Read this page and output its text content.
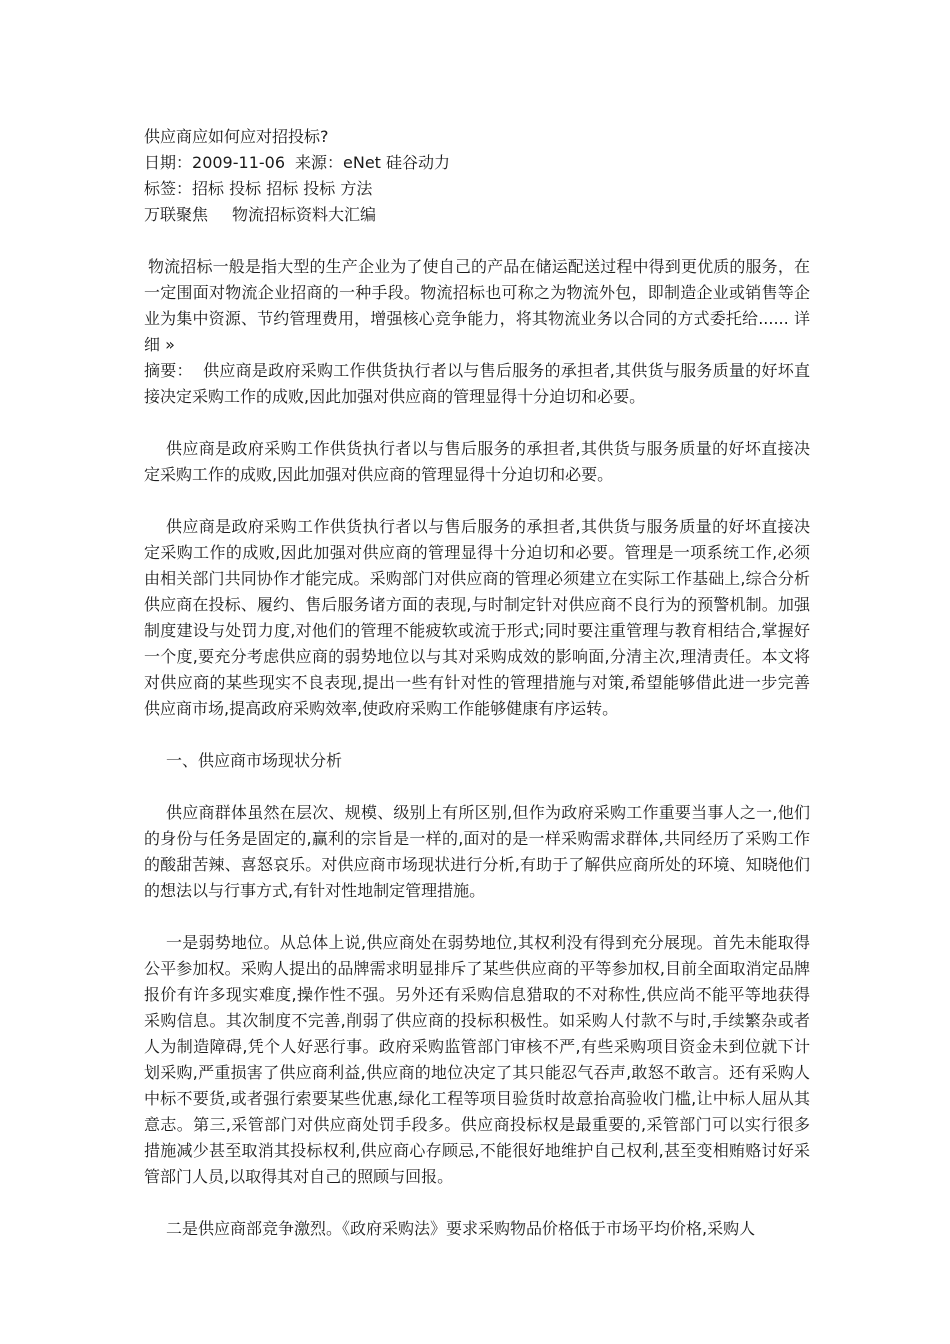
供应商应如何应对招投标?

日期：2009-11-06 来源：eNet 硅谷动力

标签：招标 投标 招标 投标 方法

万联聚焦 物流招标资料大汇编

物流招标一般是指大型的生产企业为了使自己的产品在储运配送过程中得到更优质的服务，在一定围面对物流企业招商的一种手段。物流招标也可称之为物流外包，即制造企业或销售等企业为集中资源、节约管理费用，增强核心竞争能力，将其物流业务以合同的方式委托给...... 详细 »

摘要： 供应商是政府采购工作供货执行者以与售后服务的承担者,其供货与服务质量的好坏直接决定采购工作的成败,因此加强对供应商的管理显得十分迫切和必要。

供应商是政府采购工作供货执行者以与售后服务的承担者,其供货与服务质量的好坏直接决定采购工作的成败,因此加强对供应商的管理显得十分迫切和必要。

供应商是政府采购工作供货执行者以与售后服务的承担者,其供货与服务质量的好坏直接决定采购工作的成败,因此加强对供应商的管理显得十分迫切和必要。管理是一项系统工作,必须由相关部门共同协作才能完成。采购部门对供应商的管理必须建立在实际工作基础上,综合分析供应商在投标、履约、售后服务诸方面的表现,与时制定针对供应商不良行为的预警机制。加强制度建设与处罚力度,对他们的管理不能疲软或流于形式;同时要注重管理与教育相结合,掌握好一个度,要充分考虑供应商的弱势地位以与其对采购成效的影响面,分清主次,理清责任。本文将对供应商的某些现实不良表现,提出一些有针对性的管理措施与对策,希望能够借此进一步完善供应商市场,提高政府采购效率,使政府采购工作能够健康有序运转。

一、供应商市场现状分析

供应商群体虽然在层次、规模、级别上有所区别,但作为政府采购工作重要当事人之一,他们的身份与任务是固定的,赢利的宗旨是一样的,面对的是一样采购需求群体,共同经历了采购工作的酸甜苦辣、喜怒哀乐。对供应商市场现状进行分析,有助于了解供应商所处的环境、知晓他们的想法以与行事方式,有针对性地制定管理措施。

一是弱势地位。从总体上说,供应商处在弱势地位,其权利没有得到充分展现。首先未能取得公平参加权。采购人提出的品牌需求明显排斥了某些供应商的平等参加权,目前全面取消定品牌报价有许多现实难度,操作性不强。另外还有采购信息猎取的不对称性,供应尚不能平等地获得采购信息。其次制度不完善,削弱了供应商的投标积极性。如采购人付款不与时,手续繁杂或者人为制造障碍,凭个人好恶行事。政府采购监管部门审核不严,有些采购项目资金未到位就下计划采购,严重损害了供应商利益,供应商的地位决定了其只能忍气吞声,敢怒不敢言。还有采购人中标不要货,或者强行索要某些优惠,绿化工程等项目验货时故意抬高验收门槛,让中标人屈从其意志。第三,采管部门对供应商处罚手段多。供应商投标权是最重要的,采管部门可以实行很多措施减少甚至取消其投标权利,供应商心存顾忌,不能很好地维护自己权利,甚至变相贿赂讨好采管部门人员,以取得其对自己的照顾与回报。

二是供应商部竞争激烈。《政府采购法》要求采购物品价格低于市场平均价格,采购人
